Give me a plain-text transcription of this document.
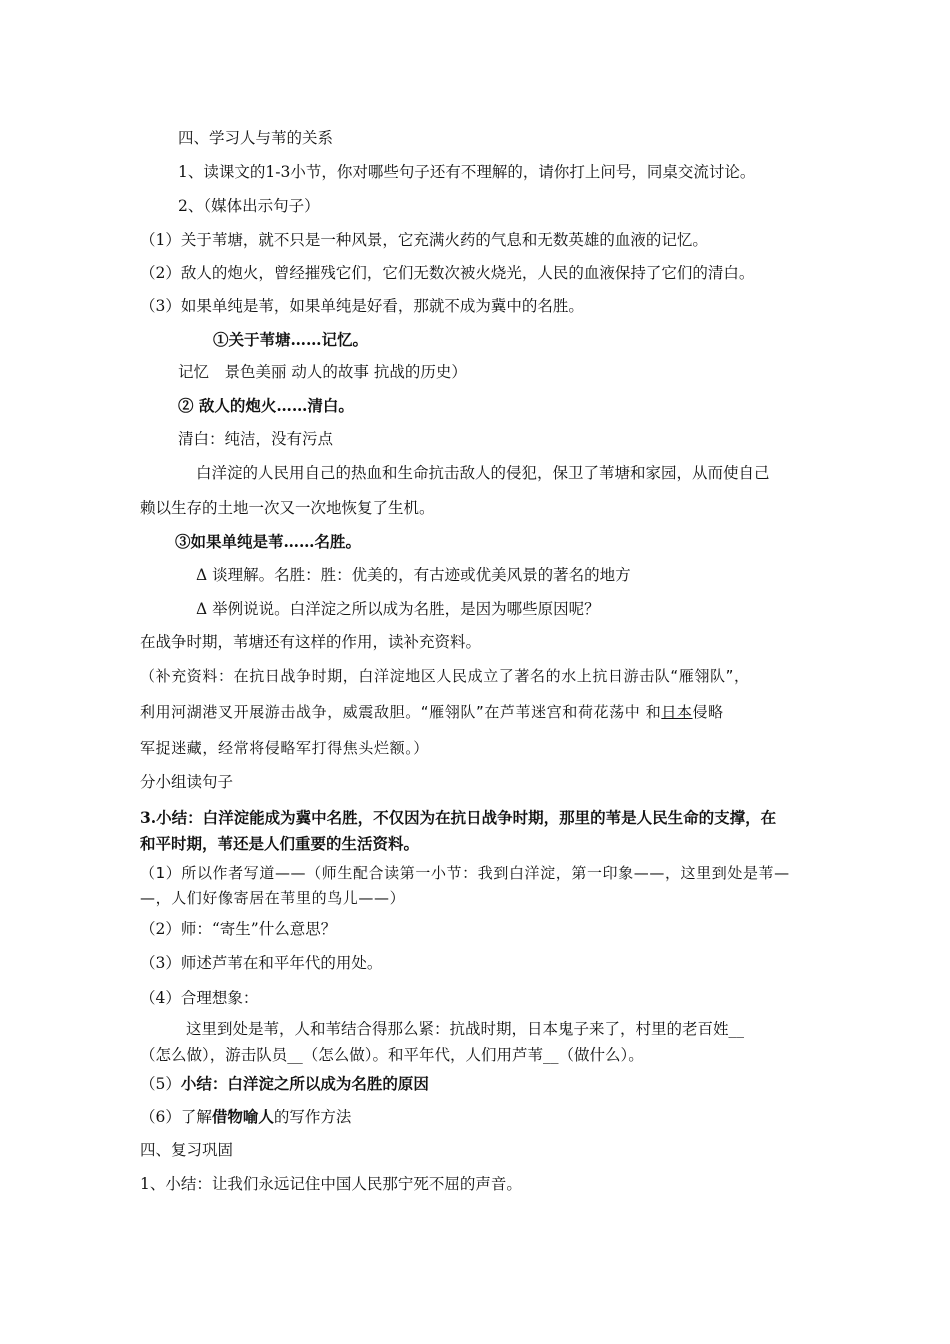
四、学习人与苇的关系
1、读课文的1-3小节，你对哪些句子还有不理解的，请你打上问号，同桌交流讨论。
2、（媒体出示句子）
（1）关于苇塘，就不只是一种风景，它充满火药的气息和无数英雄的血液的记忆。
（2）敌人的炮火，曾经摧残它们，它们无数次被火烧光，人民的血液保持了它们的清白。
（3）如果单纯是苇，如果单纯是好看，那就不成为冀中的名胜。
①关于苇塘……记忆。
记忆　景色美丽 动人的故事 抗战的历史）
② 敌人的炮火……清白。
清白：纯洁，没有污点
白洋淀的人民用自己的热血和生命抗击敌人的侵犯，保卫了苇塘和家园，从而使自己
赖以生存的土地一次又一次地恢复了生机。
③如果单纯是苇……名胜。
Δ 谈理解。名胜：胜：优美的，有古迹或优美风景的著名的地方
Δ 举例说说。白洋淀之所以成为名胜，是因为哪些原因呢？
在战争时期，苇塘还有这样的作用，读补充资料。
（补充资料：在抗日战争时期，白洋淀地区人民成立了著名的水上抗日游击队“雁翎队”，
利用河湖港叉开展游击战争，威震敌胆。“雁翎队”在芦苇迷宫和荷花荡中 和日本侵略
军捉迷藏，经常将侵略军打得焦头烂额。）
分小组读句子
3.小结：白洋淀能成为冀中名胜，不仅因为在抗日战争时期，那里的苇是人民生命的支撑，在
和平时期，苇还是人们重要的生活资料。
（1）所以作者写道——（师生配合读第一小节：我到白洋淀，第一印象——，这里到处是苇—
—，人们好像寄居在苇里的鸟儿——）
（2）师：“寄生”什么意思？
（3）师述芦苇在和平年代的用处。
（4）合理想象：
这里到处是苇，人和苇结合得那么紧：抗战时期，日本鬼子来了，村里的老百姓__
（怎么做），游击队员__（怎么做）。和平年代，人们用芦苇__（做什么）。
（5）小结：白洋淀之所以成为名胜的原因
（6）了解借物喻人的写作方法
四、复习巩固
1、小结：让我们永远记住中国人民那宁死不屈的声音。
